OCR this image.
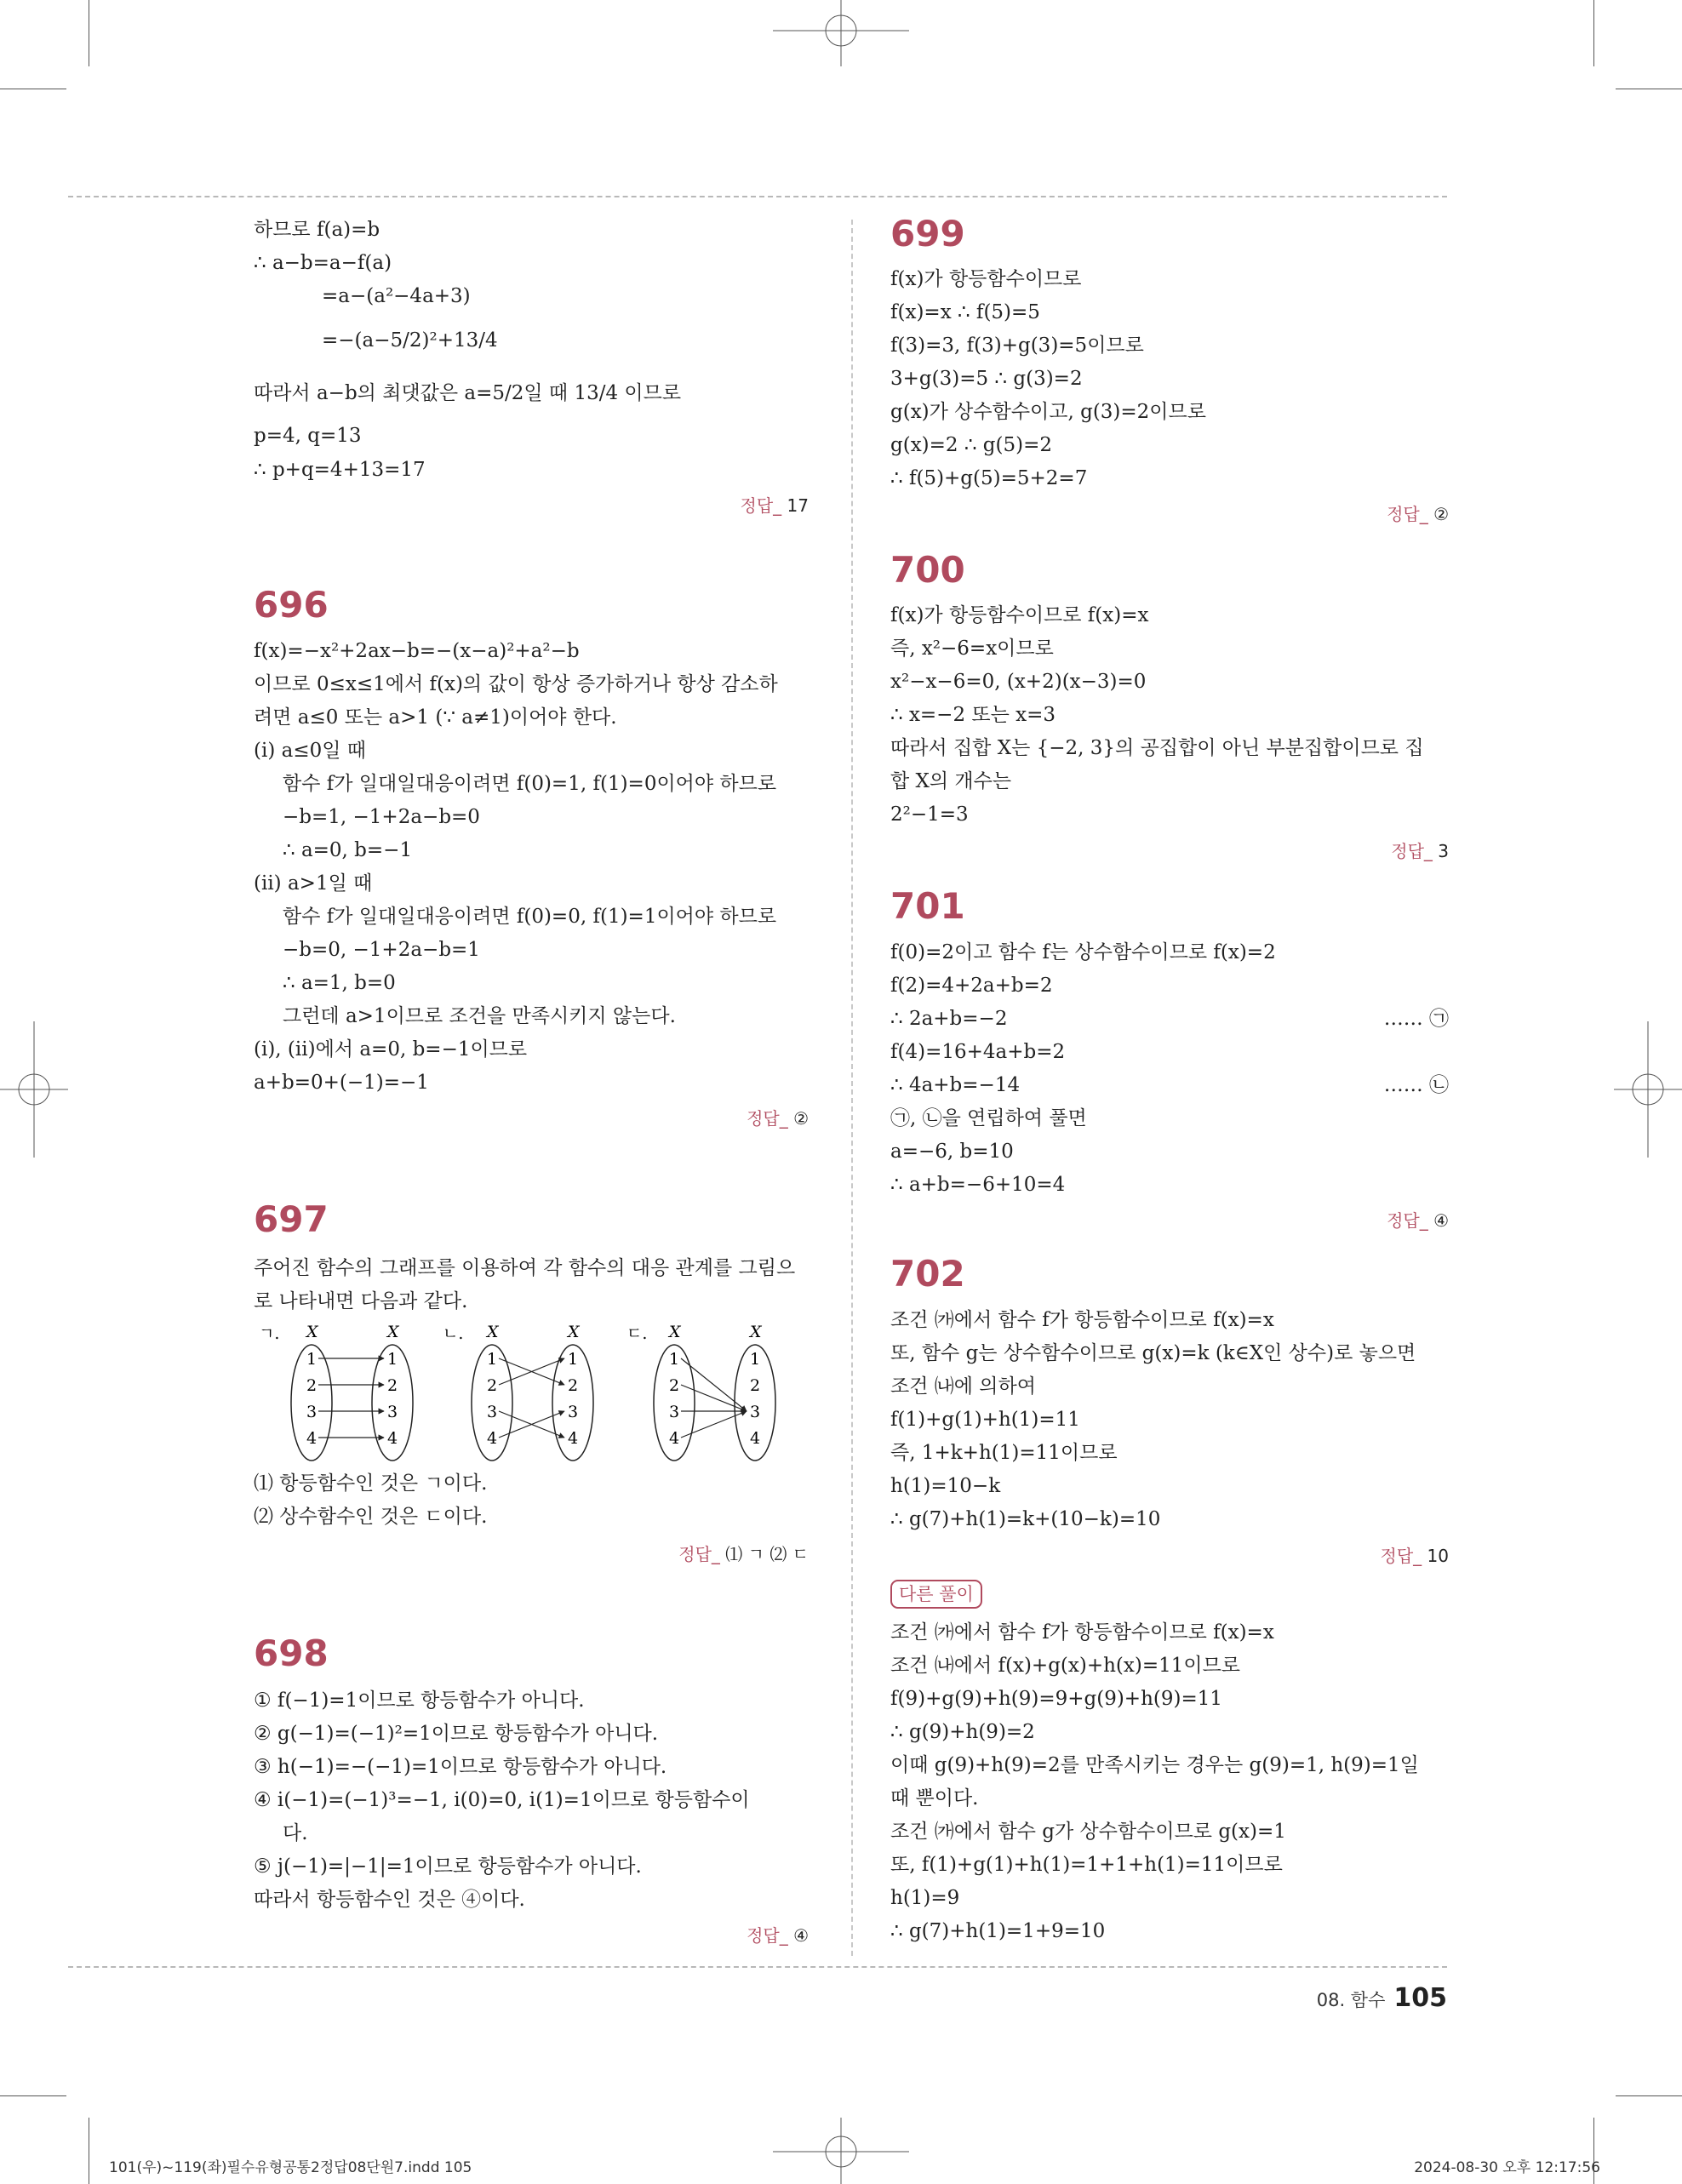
하므로 f(a)=b
∴ a−b=a−f(a)
=a−(a²−4a+3)
=−(a−5/2)²+13/4
따라서 a−b의 최댓값은 a=5/2일 때 13/4 이므로
p=4, q=13
∴ p+q=4+13=17
정답_ 17
696
f(x)=−x²+2ax−b=−(x−a)²+a²−b
이므로 0≤x≤1에서 f(x)의 값이 항상 증가하거나 항상 감소하
려면 a≤0 또는 a>1 (∵ a≠1)이어야 한다.
(ⅰ) a≤0일 때
함수 f가 일대일대응이려면 f(0)=1, f(1)=0이어야 하므로
−b=1, −1+2a−b=0
∴ a=0, b=−1
(ⅱ) a>1일 때
함수 f가 일대일대응이려면 f(0)=0, f(1)=1이어야 하므로
−b=0, −1+2a−b=1
∴ a=1, b=0
그런데 a>1이므로 조건을 만족시키지 않는다.
(ⅰ), (ⅱ)에서 a=0, b=−1이므로
a+b=0+(−1)=−1
정답_ ②
697
주어진 함수의 그래프를 이용하여 각 함수의 대응 관계를 그림으
로 나타내면 다음과 같다.
ㄱ.	ㄴ.	ㄷ.
X	X
1
2
3
4
1
2
3
4
X	X
1
2
3
4
1
2
3
4
X	X
1
2
3
4
1
2
3
4
⑴ 항등함수인 것은 ㄱ이다.
⑵ 상수함수인 것은 ㄷ이다.
정답_ ⑴ ㄱ ⑵ ㄷ
698
① f(−1)=1이므로 항등함수가 아니다.
② g(−1)=(−1)²=1이므로 항등함수가 아니다.
③ h(−1)=−(−1)=1이므로 항등함수가 아니다.
④ i(−1)=(−1)³=−1, i(0)=0, i(1)=1이므로 항등함수이
다.
⑤ j(−1)=|−1|=1이므로 항등함수가 아니다.
따라서 항등함수인 것은 ④이다.
정답_ ④
699
f(x)가 항등함수이므로
f(x)=x ∴ f(5)=5
f(3)=3, f(3)+g(3)=5이므로
3+g(3)=5 ∴ g(3)=2
g(x)가 상수함수이고, g(3)=2이므로
g(x)=2 ∴ g(5)=2
∴ f(5)+g(5)=5+2=7
정답_ ②
700
f(x)가 항등함수이므로 f(x)=x
즉, x²−6=x이므로
x²−x−6=0, (x+2)(x−3)=0
∴ x=−2 또는 x=3
따라서 집합 X는 {−2, 3}의 공집합이 아닌 부분집합이므로 집
합 X의 개수는
2²−1=3
정답_ 3
701
f(0)=2이고 함수 f는 상수함수이므로 f(x)=2
f(2)=4+2a+b=2
∴ 2a+b=−2	…… ㉠
f(4)=16+4a+b=2
∴ 4a+b=−14	…… ㉡
㉠, ㉡을 연립하여 풀면
a=−6, b=10
∴ a+b=−6+10=4
정답_ ④
702
조건 ㈎에서 함수 f가 항등함수이므로 f(x)=x
또, 함수 g는 상수함수이므로 g(x)=k (k∈X인 상수)로 놓으면
조건 ㈏에 의하여
f(1)+g(1)+h(1)=11
즉, 1+k+h(1)=11이므로
h(1)=10−k
∴ g(7)+h(1)=k+(10−k)=10
정답_ 10
다른 풀이
조건 ㈎에서 함수 f가 항등함수이므로 f(x)=x
조건 ㈏에서 f(x)+g(x)+h(x)=11이므로
f(9)+g(9)+h(9)=9+g(9)+h(9)=11
∴ g(9)+h(9)=2
이때 g(9)+h(9)=2를 만족시키는 경우는 g(9)=1, h(9)=1일
때 뿐이다.
조건 ㈎에서 함수 g가 상수함수이므로 g(x)=1
또, f(1)+g(1)+h(1)=1+1+h(1)=11이므로
h(1)=9
∴ g(7)+h(1)=1+9=10
08. 함수 105
101(우)~119(좌)필수유형공통2정답08단원7.indd 105	2024-08-30 오후 12:17:56
